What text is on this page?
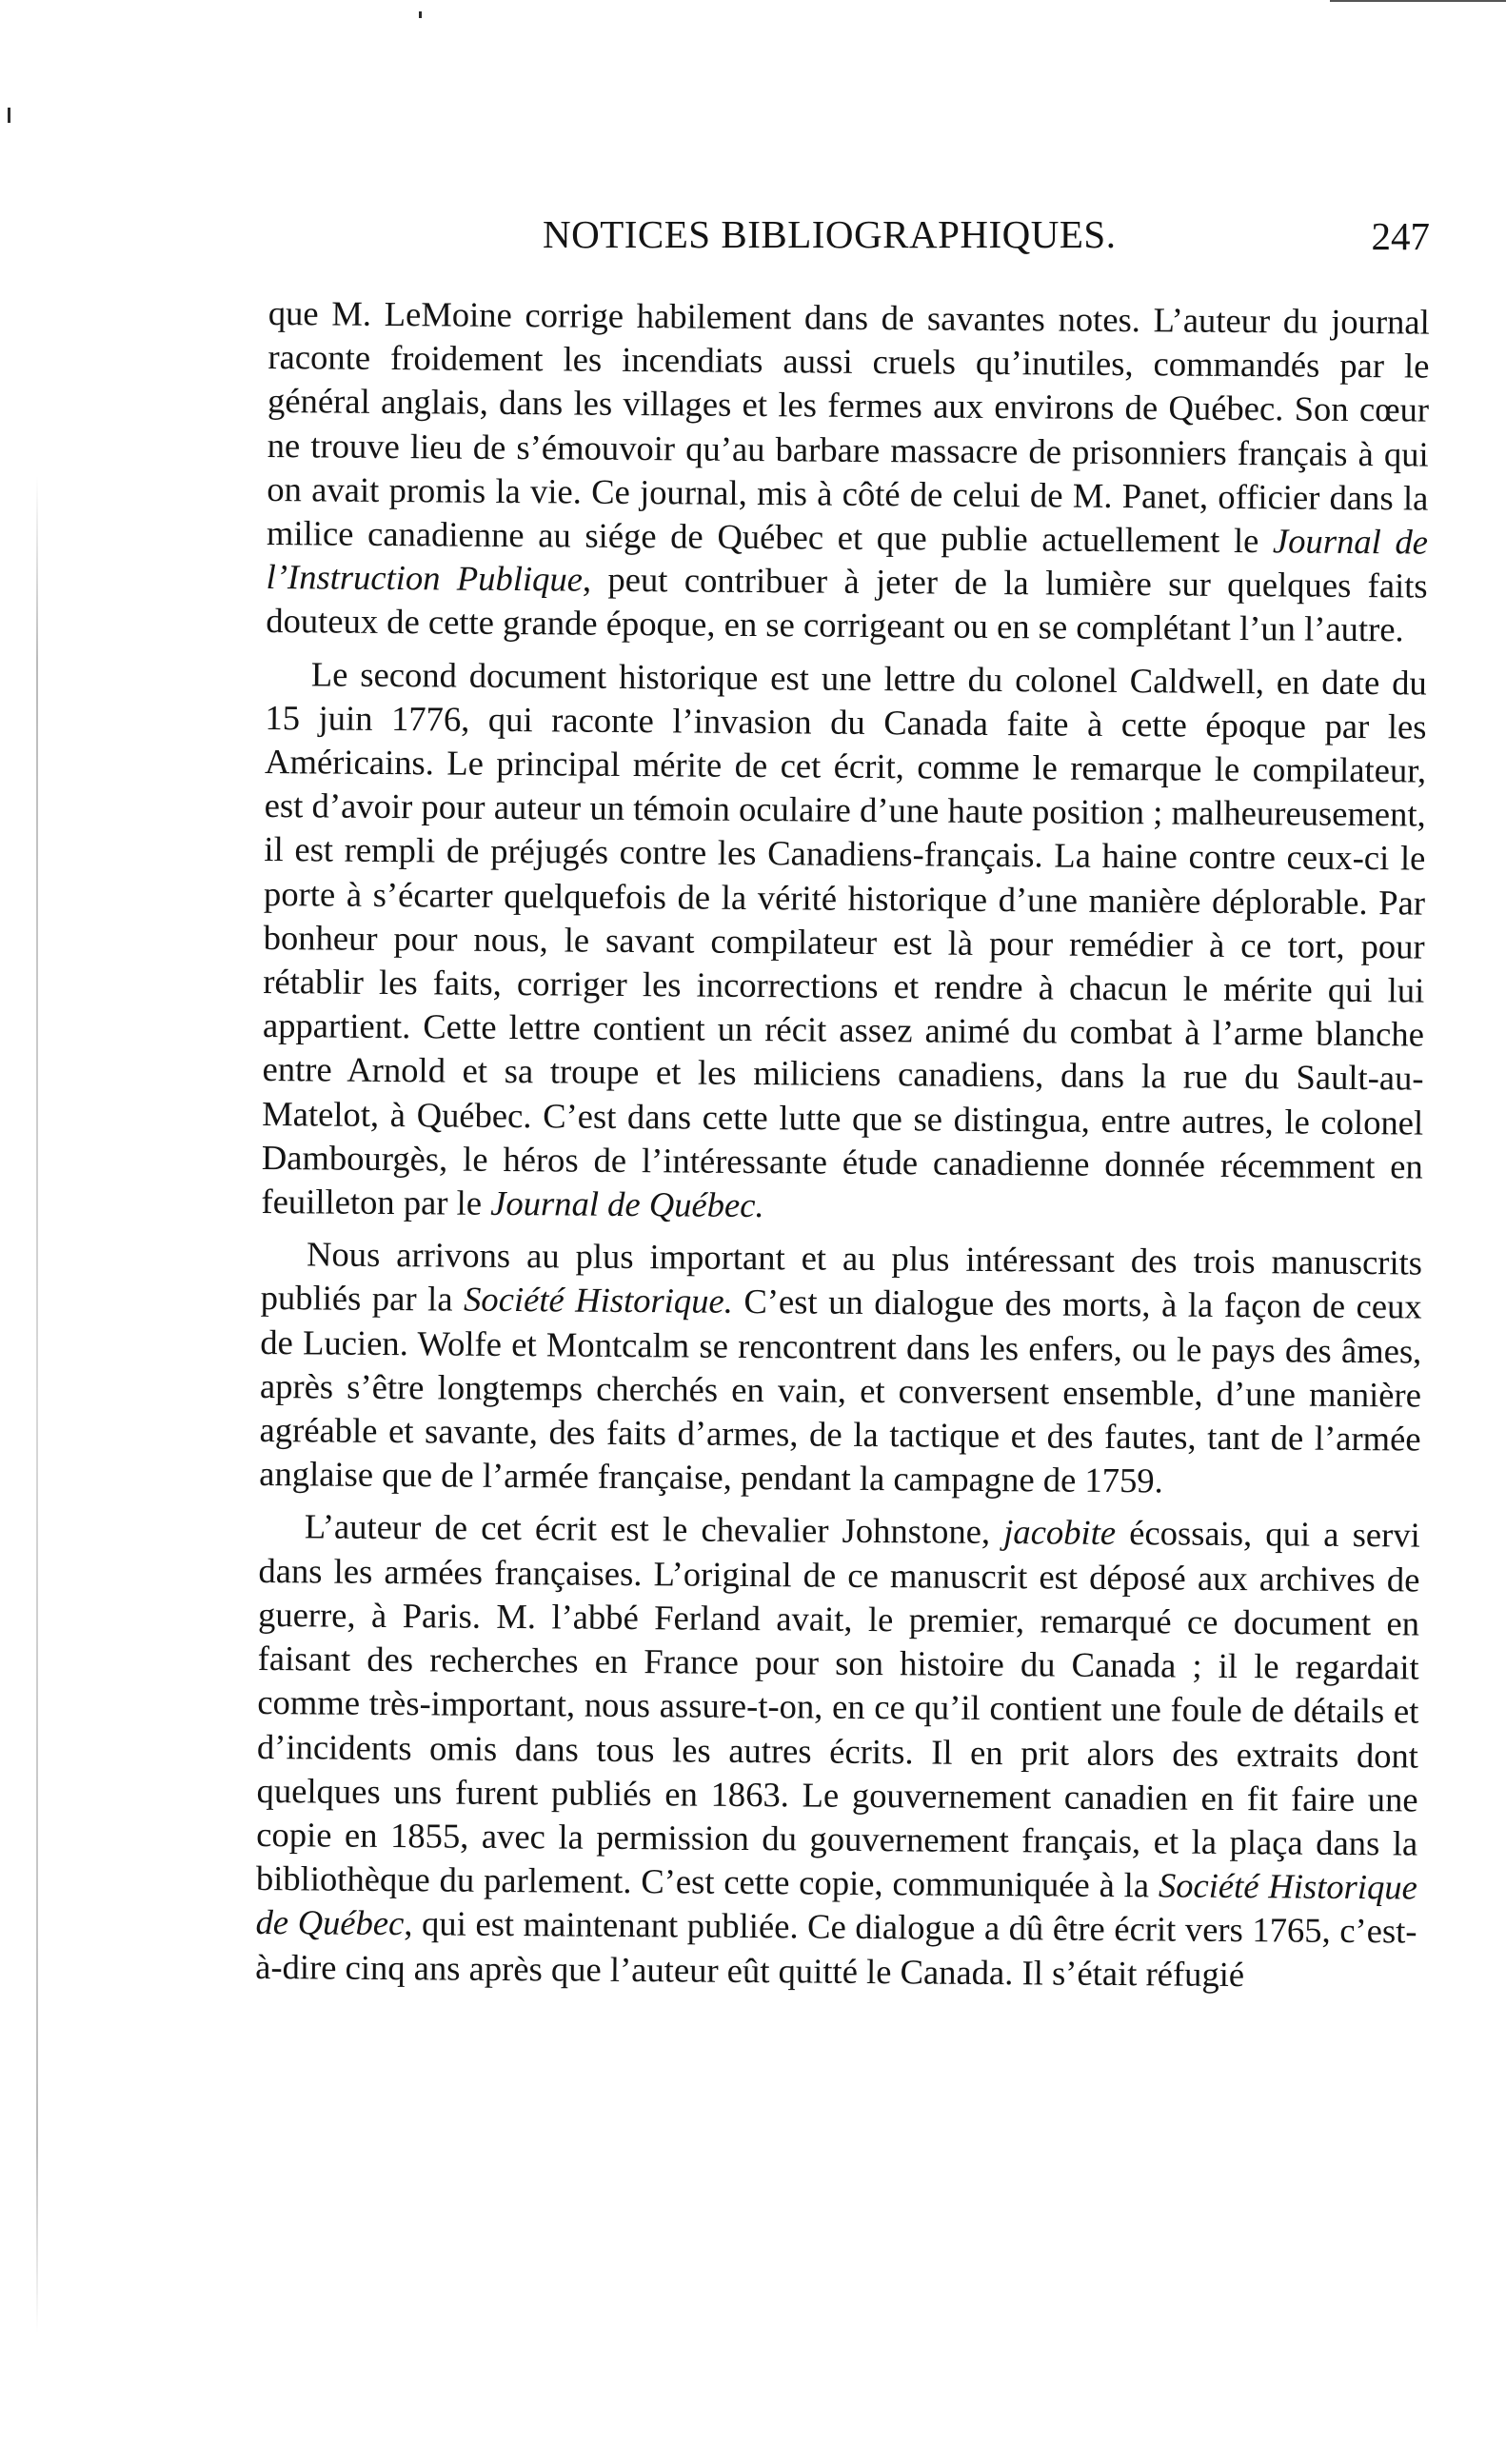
NOTICES BIBLIOGRAPHIQUES.	247

que M. LeMoine corrige habilement dans de savantes notes. L’auteur du journal raconte froidement les incendiats aussi cruels qu’inutiles, commandés par le général anglais, dans les villages et les fermes aux environs de Québec. Son cœur ne trouve lieu de s’émouvoir qu’au barbare massacre de prisonniers français à qui on avait promis la vie. Ce journal, mis à côté de celui de M. Panet, officier dans la milice canadienne au siége de Québec et que publie actuellement le Journal de l’Instruction Publique, peut contribuer à jeter de la lumière sur quelques faits douteux de cette grande époque, en se corrigeant ou en se complétant l’un l’autre.

Le second document historique est une lettre du colonel Caldwell, en date du 15 juin 1776, qui raconte l’invasion du Canada faite à cette époque par les Américains. Le principal mérite de cet écrit, comme le remarque le compilateur, est d’avoir pour auteur un témoin oculaire d’une haute position ; malheureusement, il est rempli de préjugés contre les Canadiens-français. La haine contre ceux-ci le porte à s’écarter quelquefois de la vérité historique d’une manière déplorable. Par bonheur pour nous, le savant compilateur est là pour remédier à ce tort, pour rétablir les faits, corriger les incorrections et rendre à chacun le mérite qui lui appartient. Cette lettre contient un récit assez animé du combat à l’arme blanche entre Arnold et sa troupe et les miliciens canadiens, dans la rue du Sault-au-Matelot, à Québec. C’est dans cette lutte que se distingua, entre autres, le colonel Dambourgès, le héros de l’intéressante étude canadienne donnée récemment en feuilleton par le Journal de Québec.

Nous arrivons au plus important et au plus intéressant des trois manuscrits publiés par la Société Historique. C’est un dialogue des morts, à la façon de ceux de Lucien. Wolfe et Montcalm se rencontrent dans les enfers, ou le pays des âmes, après s’être longtemps cherchés en vain, et conversent ensemble, d’une manière agréable et savante, des faits d’armes, de la tactique et des fautes, tant de l’armée anglaise que de l’armée française, pendant la campagne de 1759.

L’auteur de cet écrit est le chevalier Johnstone, jacobite écossais, qui a servi dans les armées françaises. L’original de ce manuscrit est déposé aux archives de guerre, à Paris. M. l’abbé Ferland avait, le premier, remarqué ce document en faisant des recherches en France pour son histoire du Canada ; il le regardait comme très-important, nous assure-t-on, en ce qu’il contient une foule de détails et d’incidents omis dans tous les autres écrits. Il en prit alors des extraits dont quelques uns furent publiés en 1863. Le gouvernement canadien en fit faire une copie en 1855, avec la permission du gouvernement français, et la plaça dans la bibliothèque du parlement. C’est cette copie, communiquée à la Société Historique de Québec, qui est maintenant publiée. Ce dialogue a dû être écrit vers 1765, c’est-à-dire cinq ans après que l’auteur eût quitté le Canada. Il s’était réfugié
